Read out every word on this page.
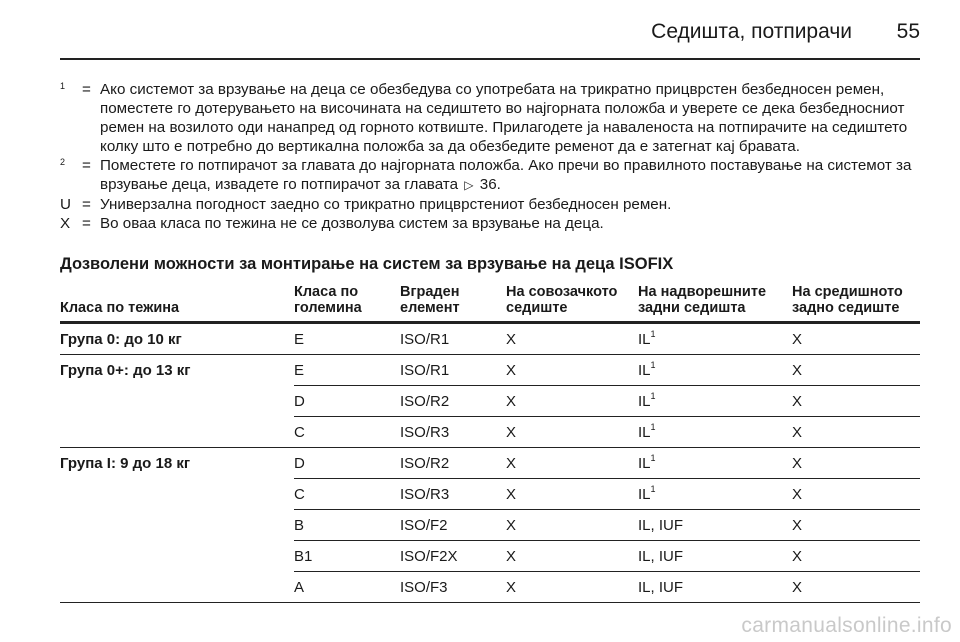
Седишта, потпирачи 55
$^1$	= Ако системот за врзување на деца се обезбедува со употребата на трикратно прицврстен безбедносен ремен, поместете го дотерувањето на височината на седиштето во најгорната положба и уверете се дека безбедносниот ремен на возилото оди нанапред од горното котвиште. Прилагодете ја наваленоста на потпирачите на седиштето колку што е потребно до вертикална положба за да обезбедите ременот да е затегнат кај бравата.
$^2$	= Поместете го потпирачот за главата до најгорната положба. Ако пречи во правилното поставување на системот за врзување деца, извадете го потпирачот за главата ▷ 36.
U = Универзална погодност заедно со трикратно прицврстениот безбедносен ремен.
X = Во оваа класа по тежина не се дозволува систем за врзување на деца.
Дозволени можности за монтирање на систем за врзување на деца ISOFIX
Класа по тежина	Класа по големина	Вграден елемент	На совозачкото седиште	На надворешните задни седишта	На средишното задно седиште
Група 0: до 10 кг	E	ISO/R1	X	$IL^1$	X
Група 0+: до 13 кг	E	ISO/R1	X	$IL^1$	X
	D	ISO/R2	X	$IL^1$	X
	C	ISO/R3	X	$IL^1$	X
Група I: 9 до 18 кг	D	ISO/R2	X	$IL^1$	X
	C	ISO/R3	X	$IL^1$	X
	B	ISO/F2	X	IL, IUF	X
	B1	ISO/F2X	X	IL, IUF	X
	A	ISO/F3	X	IL, IUF	X
carmanualsonline.info
